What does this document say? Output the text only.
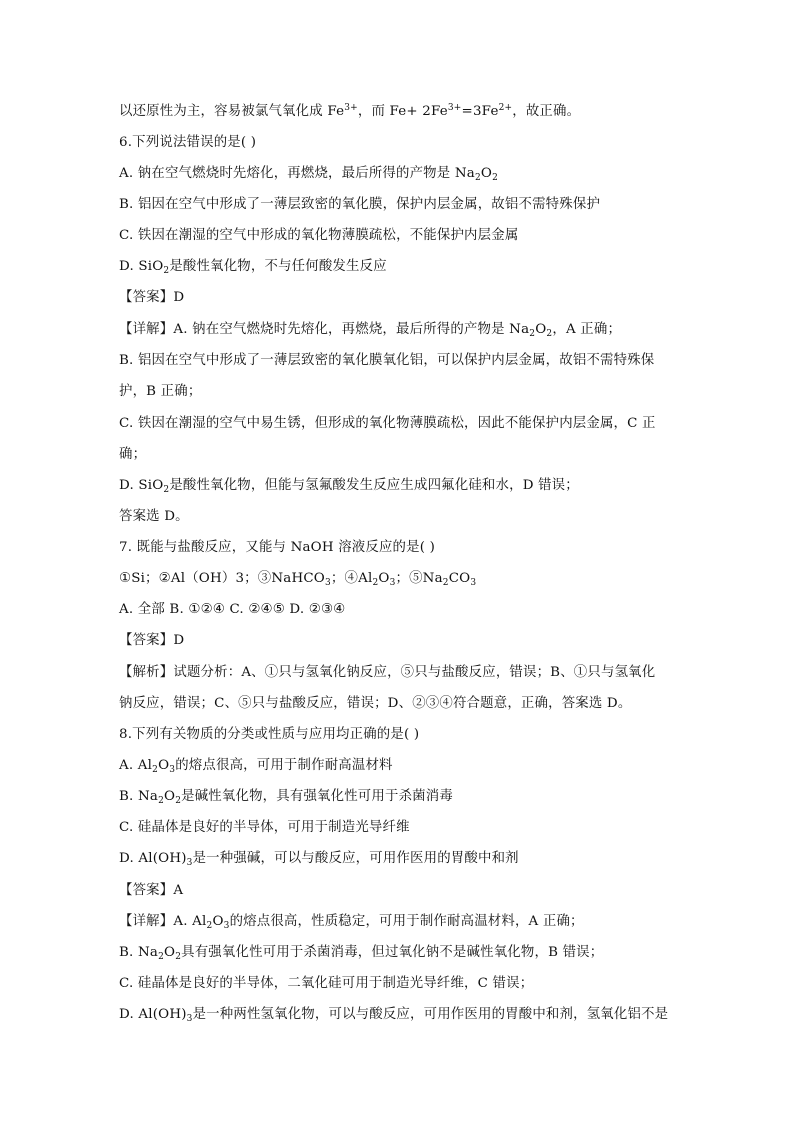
以还原性为主，容易被氯气氧化成 $Fe^{3+}$，而 $Fe+ 2Fe^{3+}=3Fe^{2+}$，故正确。
6.下列说法错误的是( )
A. 钠在空气燃烧时先熔化，再燃烧，最后所得的产物是 $Na_2O_2$
B. 铝因在空气中形成了一薄层致密的氧化膜，保护内层金属，故铝不需特殊保护
C. 铁因在潮湿的空气中形成的氧化物薄膜疏松，不能保护内层金属
D. SiO$_2$是酸性氧化物，不与任何酸发生反应
【答案】D
【详解】A. 钠在空气燃烧时先熔化，再燃烧，最后所得的产物是 $Na_2O_2$，A 正确；
B. 铝因在空气中形成了一薄层致密的氧化膜氧化铝，可以保护内层金属，故铝不需特殊保
护，B 正确；
C. 铁因在潮湿的空气中易生锈，但形成的氧化物薄膜疏松，因此不能保护内层金属，C 正
确；
D. SiO$_2$是酸性氧化物，但能与氢氟酸发生反应生成四氟化硅和水，D 错误；
答案选 D。
7. 既能与盐酸反应，又能与 NaOH 溶液反应的是( )
①Si；②Al（OH）3；③NaHCO$_3$；$④Al_2O_3$；$⑤Na_2CO_3$
A. 全部 B. ①②④ C. ②④⑤ D. ②③④
【答案】D
【解析】试题分析：A、①只与氢氧化钠反应，⑤只与盐酸反应，错误；B、①只与氢氧化
钠反应，错误；C、⑤只与盐酸反应，错误；D、②③④符合题意，正确，答案选 D。
8.下列有关物质的分类或性质与应用均正确的是( )
A. $Al_2O_3$的熔点很高，可用于制作耐高温材料
B. $Na_2O_2$是碱性氧化物，具有强氧化性可用于杀菌消毒
C. 硅晶体是良好的半导体，可用于制造光导纤维
D. $Al(OH)_3$是一种强碱，可以与酸反应，可用作医用的胃酸中和剂
【答案】A
【详解】A. $Al_2O_3$的熔点很高，性质稳定，可用于制作耐高温材料，A 正确；
B. $Na_2O_2$具有强氧化性可用于杀菌消毒，但过氧化钠不是碱性氧化物，B 错误；
C. 硅晶体是良好的半导体，二氧化硅可用于制造光导纤维，C 错误；
D. $Al(OH)_3$是一种两性氢氧化物，可以与酸反应，可用作医用的胃酸中和剂，氢氧化铝不是
